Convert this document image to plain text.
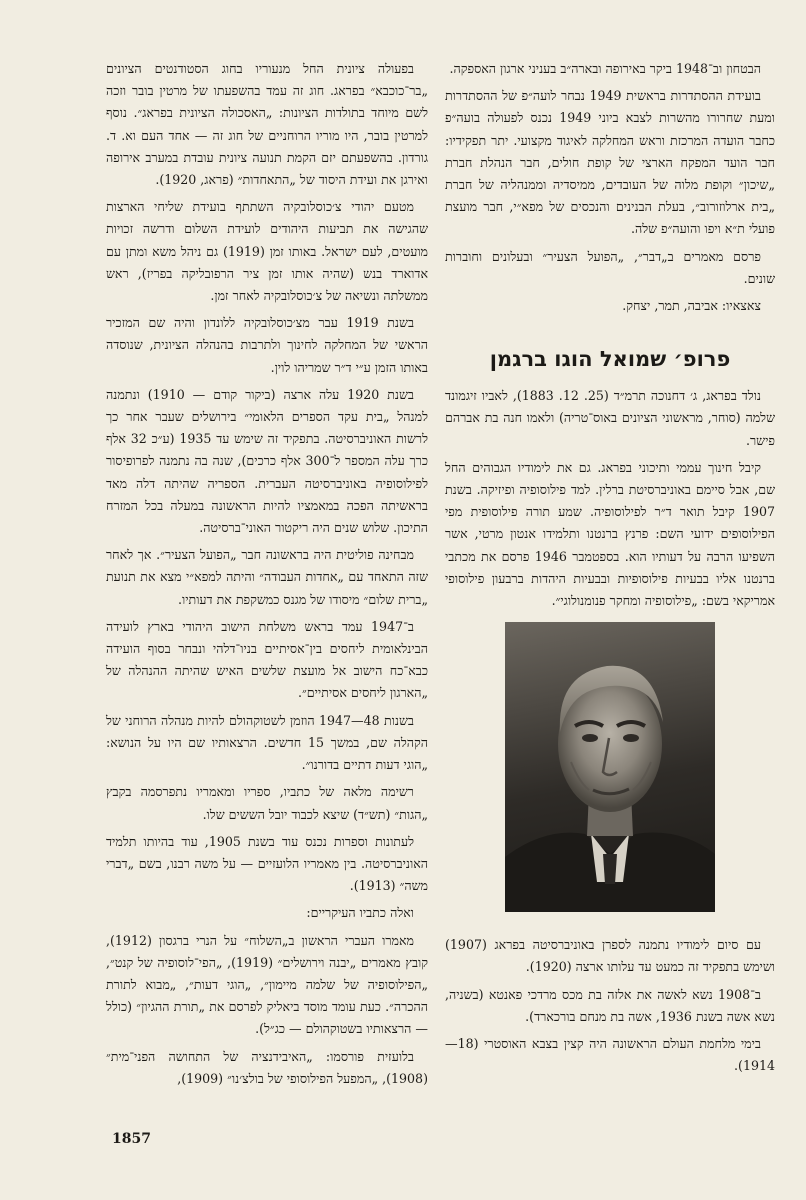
הבטחון וב־1948 ביקר באירופה ובארה״ב בעניני ארגון האספקה.

בועידת ההסתדרות בראשית 1949 נבחר לועה״פ של ההסתדרות ומעת שחרורו מהשרות לצבא ביוני 1949 נכנס לפעולה בועה״פ כחבר הועדה המרכזת וראש המחלקה לאיגוד מקצועי. יתר תפקידיו: חבר הועד המפקח הארצי של קופת חולים, חבר הנהלת חברת „שיכון״ וקופת מלוה של העובדים, ממיסדיה וממנהליה של חברת „בית ארלוזורוב״, בעלת הבנינים והנכסים של מפא״י, חבר מועצת פועלי ת״א ויפו והועה״פ שלה.

פרסם מאמרים ב„דבר״, „הפועל הצעיר״ ובעלונים וחוברות שונים.

צאצאיו: אביבה, תמר, יצחק.
פרופ׳ שמואל הוגו ברגמן

נולד בפראג, ג׳ דחנוכה תרמ״ד (25. 12. 1883), לאביו זיגמונד שלמה (סוחר, מראשוני הציונים באוס־טריה) ולאמו חנה בת אברהם פישר.

קיבל חינוך עממי ותיכוני בפראג. גם את לימודיו הגבוהים החל שם, אבל סיימם באוניברסיטת ברלין. למד פילוסופיה ופיזיקה. בשנת 1907 קיבל תואר ד״ר לפילוסופיה. שמע תורה פילוסופית מפי הפילוסופים ידועי השם: פרנץ ברנטנו ותלמידו אנטון מרטי, אשר השפיעו הרבה על דעותיו הוא. בספטמבר 1946 פרסם את מכתבי ברנטנו אליו בבעיות פילוסופיות ובבעיות היהדות ברבעון פילוסופי אמריקאי בשם: „פילוסופיה ומחקר פנומנולוגי״.

עם סיום לימודיו נתמנה לספרן באוניברסיטה בפראג (1907) ושימש בתפקיד זה כמעט עד עלותו ארצה (1920).

ב־1908 נשא לאשה את אלזה בת מכס מרדכי פאנטא (בשניה, נשא אשה בשנת 1936, אשה בת מנחם בורכארד).

בימי מלחמת העולם הראשונה היה קצין בצבא האוסטרי (18—1914).

בפעולה ציונית החל מנעוריו בחוג הסטודנטים הציונים „בר־כוכבא״ בפראג. חוג זה עמד בהשפעתו של מרטין בובר וזכה לשם מיוחד בתולדות הציונות: „האסכולה הציונית בפראג״. נוסף למרטין בובר, היו מוריו הרוחניים של חוג זה — אחד העם וא. ד. גורדון. בהשפעתם יזם הקמת תנועה ציונית עובדת במערב אירופה ואירגן את ועידת היסוד של „התאחדות״ (פראג, 1920).

מטעם יהודי צ׳כוסלובקיה השתתף בועידת שליחי הארצות שהגישה את תביעות היהודים לועידת השלום ודרשה זכויות מועטים, לעם ישראל. באותו זמן (1919) גם ניהל משא ומתן עם אדוארד בנש (שהיה אותו זמן ציר הרפובליקה בפריז), ראש ממשלתה ונשיאה של צ׳כוסלובקיה לאחר זמן.

בשנת 1919 עבר מצ׳כוסלובקיה ללונדון והיה שם המזכיר הראשי של המחלקה לחינוך ולתרבות בהנהלה הציונית, שנוסדה באותו הזמן ע״י ד״ר שמריהו לוין.

בשנת 1920 עלה ארצה (ביקור קודם — 1910) ונתמנה למנהל „בית עקד הספרים הלאומי״ בירושלים שעבר אחר כך לרשות האוניברסיטה. בתפקיד זה שימש עד 1935 (ע״כ 32 אלף כרך עלה המספר ל־300 אלף כרכים), שנה בה נתמנה לפרופיסור לפילוסופיה באוניברסיטה העברית. הספריה שהיתה דלה מאד בראשיתה הפכה במאמציו להיות הראשונה במעלה בכל המזרח התיכון. שלוש שנים היה ריקטור האוני־ברסיטה.

מבחינה פוליטית היה בראשונה חבר „הפועל הצעיר״. אך לאחר שזה התאחד עם „אחדות העבודה״ והיתה למפא״י מצא את תנועת „ברית שלום״ מיסודו של מגנס כמשקפת את דעותיו.

ב־1947 עמד בראש משלחת הישוב היהודי בארץ לועידה הבינלאומית ליחסים בין־אסיתיים בניו־דלהי ונבחר בסוף הועידה כבא־כח הישוב אל מועצת שלשים האיש שהיתה ההנהלה של „הארגון ליחסים אסיתיים״.

בשנות 48—1947 הוזמן לשטוקהולם להיות מנהלה הרוחני של הקהלה שם, במשך 15 חדשים. הרצאותיו שם היו על הנושא: „הוגי דעות דתיים בדורנו״.

רשימה מלאה של כתביו, ספריו ומאמריו נתפרסמה בקבץ „הגות״ (תש״ד) שיצא לכבוד יובל הששים שלו.

לעתונות וספרות נכנס עוד בשנת 1905, עוד בהיותו תלמיד האוניברסיטה. בין מאמריו הלועזיים — על משה רבנו, בשם „דברי משה״ (1913).

ואלה כתביו העיקריים:

מאמרו העברי הראשון ב„השלוח״ על הנרי ברגסון (1912), קובץ מאמרים „יבנה וירושלים״ (1919), „הפי־לוסופיה של קנט״, „הפילוסופיה של שלמה מיימון״, „הוגי דעות״, „מבוא לתורת ההכרה״. כעת עומד מוסד ביאליק לפרסם את „תורת ההגיון״ (כולל — הרצאותיו בשטוקהולם — כג״ל).

בלועזית פורסמו: „האיבידנציה של התחושה הפני־מית״ (1908), „המפעל הפילוסופי של בולצ׳נו״ (1909),

1857
